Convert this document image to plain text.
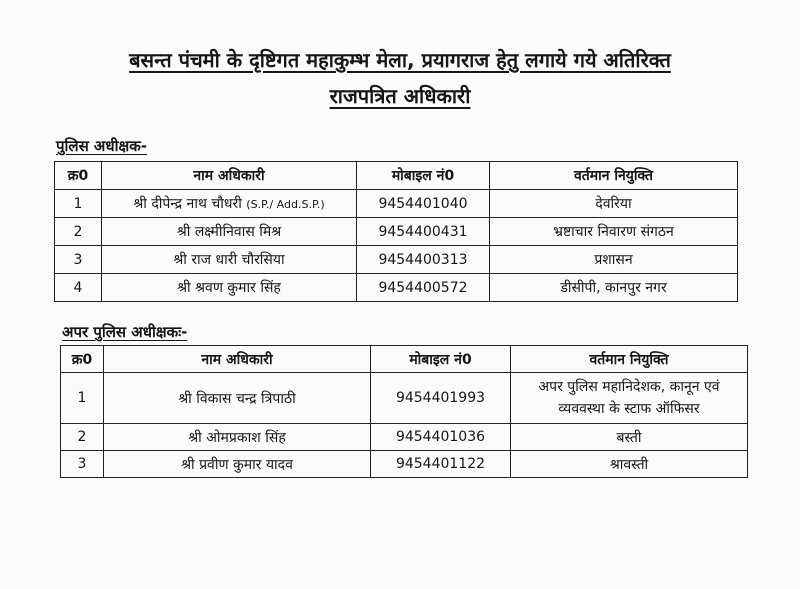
बसन्त पंचमी के दृष्टिगत महाकुम्भ मेला, प्रयागराज हेतु लगाये गये अतिरिक्त
राजपत्रित अधिकारी
पुलिस अधीक्षक-
क्र0	नाम अधिकारी	मोबाइल नं0	वर्तमान नियुक्ति
1	श्री दीपेन्द्र नाथ चौधरी (S.P./ Add.S.P.)	9454401040	देवरिया
2	श्री लक्ष्मीनिवास मिश्र	9454400431	भ्रष्टाचार निवारण संगठन
3	श्री राज धारी चौरसिया	9454400313	प्रशासन
4	श्री श्रवण कुमार सिंह	9454400572	डीसीपी, कानपुर नगर
अपर पुलिस अधीक्षकः-
क्र0	नाम अधिकारी	मोबाइल नं0	वर्तमान नियुक्ति
1	श्री विकास चन्द्र त्रिपाठी	9454401993	अपर पुलिस महानिदेशक, कानून एवं व्यववस्था के स्टाफ ऑफिसर
2	श्री ओमप्रकाश सिंह	9454401036	बस्ती
3	श्री प्रवीण कुमार यादव	9454401122	श्रावस्ती
